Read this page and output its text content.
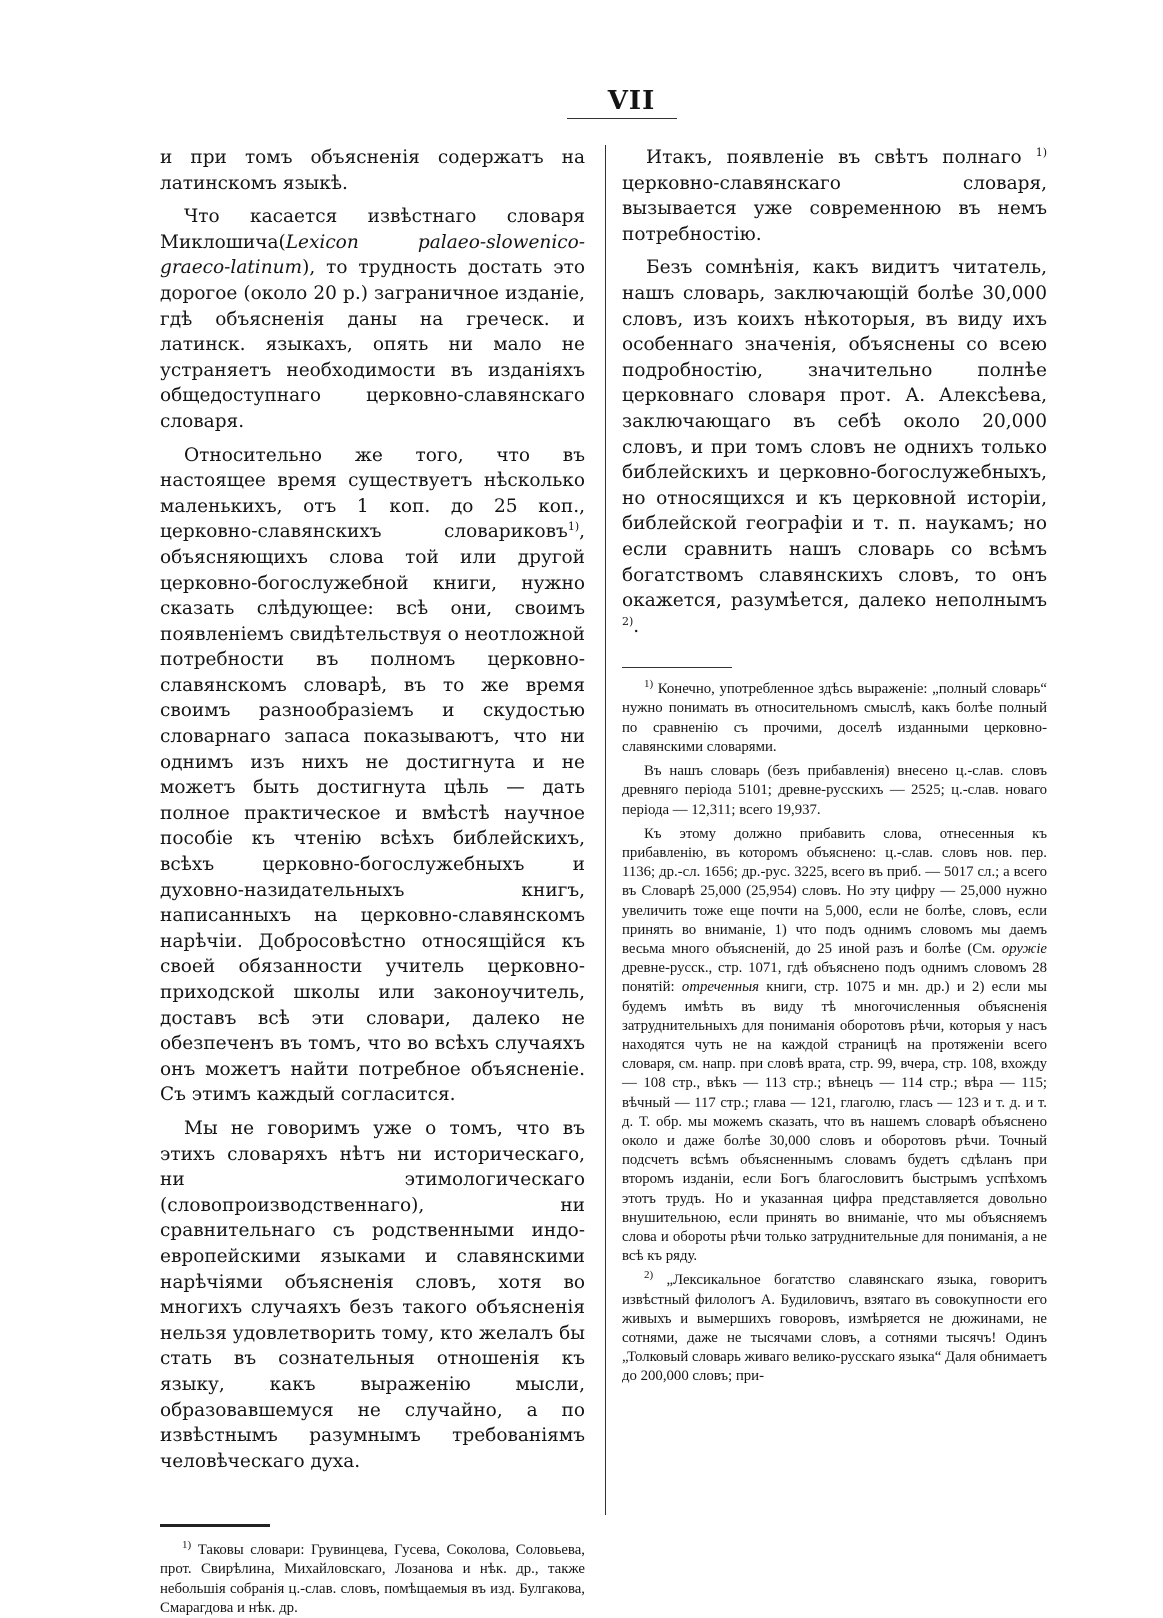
VII

и при томъ объясненія содержатъ на латинскомъ языкѣ.

Что касается извѣстнаго словаря Миклошича(Lexicon palaeo-slowenico-graeco-latinum), то трудность достать это дорогое (около 20 р.) заграничное изданіе, гдѣ объясненія даны на греческ. и латинск. языкахъ, опять ни мало не устраняетъ необходимости въ изданіяхъ общедоступнаго церковно-славянскаго словаря.

Относительно же того, что въ настоящее время существуетъ нѣсколько маленькихъ, отъ 1 коп. до 25 коп., церковно-славянскихъ словариковъ$^{1)}$, объясняющихъ слова той или другой церковно-богослужебной книги, нужно сказать слѣдующее: всѣ они, своимъ появленіемъ свидѣтельствуя о неотложной потребности въ полномъ церковно-славянскомъ словарѣ, въ то же время своимъ разнообразіемъ и скудостью словарнаго запаса показываютъ, что ни однимъ изъ нихъ не достигнута и не можетъ быть достигнута цѣль — дать полное практическое и вмѣстѣ научное пособіе къ чтенію всѣхъ библейскихъ, всѣхъ церковно-богослужебныхъ и духовно-назидательныхъ книгъ, написанныхъ на церковно-славянскомъ нарѣчіи. Добросовѣстно относящійся къ своей обязанности учитель церковно-приходской школы или законоучитель, доставъ всѣ эти словари, далеко не обезпеченъ въ томъ, что во всѣхъ случаяхъ онъ можетъ найти потребное объясненіе. Съ этимъ каждый согласится.

Мы не говоримъ уже о томъ, что въ этихъ словаряхъ нѣтъ ни историческаго, ни этимологическаго (словопроизводственнаго), ни сравнительнаго съ родственными индо-европейскими языками и славянскими нарѣчіями объясненія словъ, хотя во многихъ случаяхъ безъ такого объясненія нельзя удовлетворить тому, кто желалъ бы стать въ сознательныя отношенія къ языку, какъ выраженію мысли, образовавшемуся не случайно, а по извѣстнымъ разумнымъ требованіямъ человѣческаго духа.

$^{1)}$ Таковы словари: Грувинцева, Гусева, Соколова, Соловьева, прот. Свирѣлина, Михайловскаго, Лозанова и нѣк. др., также небольшія собранія ц.-слав. словъ, помѣщаемыя въ изд. Булгакова, Смарагдова и нѣк. др.

Итакъ, появленіе въ свѣтъ полнаго $^{1)}$ церковно-славянскаго словаря, вызывается уже современною въ немъ потребностію.

Безъ сомнѣнія, какъ видитъ читатель, нашъ словарь, заключающій болѣе 30,000 словъ, изъ коихъ нѣкоторыя, въ виду ихъ особеннаго значенія, объяснены со всею подробностію, значительно полнѣе церковнаго словаря прот. А. Алексѣева, заключающаго въ себѣ около 20,000 словъ, и при томъ словъ не однихъ только библейскихъ и церковно-богослужебныхъ, но относящихся и къ церковной исторіи, библейской географіи и т. п. наукамъ; но если сравнить нашъ словарь со всѣмъ богатствомъ славянскихъ словъ, то онъ окажется, разумѣется, далеко неполнымъ $^{2)}$.

$^{1)}$ Конечно, употребленное здѣсь выраженіе: „полный словарь“ нужно понимать въ относительномъ смыслѣ, какъ болѣе полный по сравненію съ прочими, доселѣ изданными церковно-славянскими словарями.

Въ нашъ словарь (безъ прибавленія) внесено ц.-слав. словъ древняго періода 5101; древне-русскихъ — 2525; ц.-слав. новаго періода — 12,311; всего 19,937.

Къ этому должно прибавить слова, отнесенныя къ прибавленію, въ которомъ объяснено: ц.-слав. словъ нов. пер. 1136; др.-сл. 1656; др.-рус. 3225, всего въ приб. — 5017 сл.; а всего въ Словарѣ 25,000 (25,954) словъ. Но эту цифру — 25,000 нужно увеличить тоже еще почти на 5,000, если не болѣе, словъ, если принять во вниманіе, 1) что подъ однимъ словомъ мы даемъ весьма много объясненій, до 25 иной разъ и болѣе (См. оружіе древне-русск., стр. 1071, гдѣ объяснено подъ однимъ словомъ 28 понятій: отреченныя книги, стр. 1075 и мн. др.) и 2) если мы будемъ имѣть въ виду тѣ многочисленныя объясненія затруднительныхъ для пониманія оборотовъ рѣчи, которыя у насъ находятся чуть не на каждой страницѣ на протяженіи всего словаря, см. напр. при словѣ врата, стр. 99, вчера, стр. 108, вхожду — 108 стр., вѣкъ — 113 стр.; вѣнецъ — 114 стр.; вѣра — 115; вѣчный — 117 стр.; глава — 121, глаголю, гласъ — 123 и т. д. и т. д. Т. обр. мы можемъ сказать, что въ нашемъ словарѣ объяснено около и даже болѣе 30,000 словъ и оборотовъ рѣчи. Точный подсчетъ всѣмъ объясненнымъ словамъ будетъ сдѣланъ при второмъ изданіи, если Богъ благословитъ быстрымъ успѣхомъ этотъ трудъ. Но и указанная цифра представляется довольно внушительною, если принять во вниманіе, что мы объясняемъ слова и обороты рѣчи только затруднительные для пониманія, а не всѣ къ ряду.

$^{2)}$ „Лексикальное богатство славянскаго языка, говоритъ извѣстный филологъ А. Будиловичъ, взятаго въ совокупности его живыхъ и вымершихъ говоровъ, измѣряется не дюжинами, не сотнями, даже не тысячами словъ, а сотнями тысячъ! Одинъ „Толковый словарь живаго велико-русскаго языка“ Даля обнимаетъ до 200,000 словъ; при-
